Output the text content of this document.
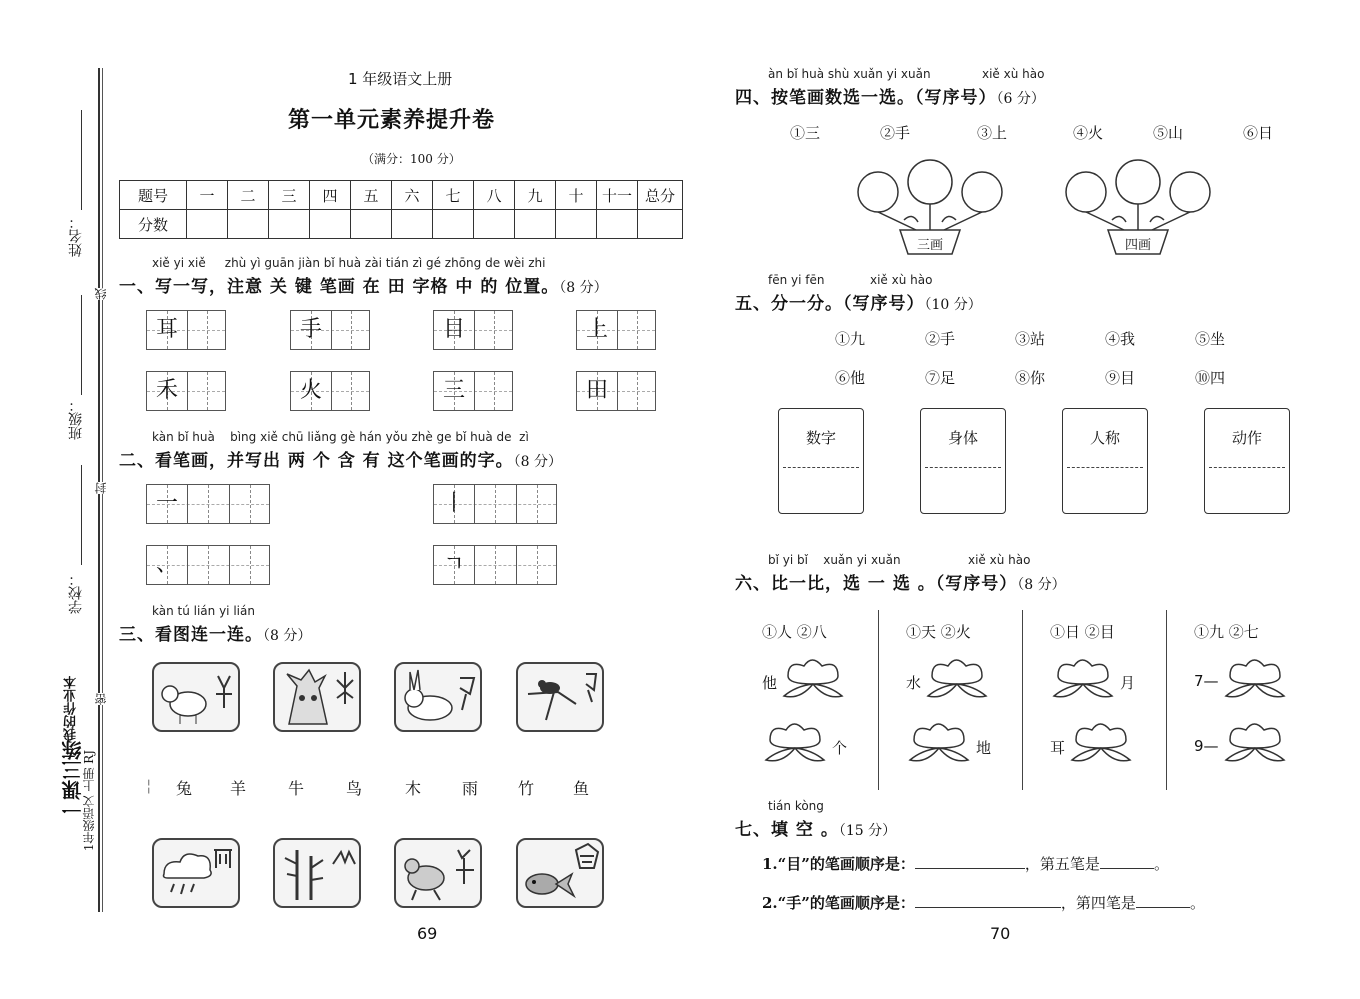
姓名：
班级：
学校：
线
封
密
一课三练
我的作业本
1年级语文 上册 RJ
1 年级语文上册
第一单元素养提升卷
（满分：100 分）
题号	一	二	三	四	五	六	七	八	九	十	十一	总分
分数												
xiě yi xiě     zhù yì guān jiàn bǐ huà zài tián zì gé zhōng de wèi zhi
一、写一写，注意 关 键 笔画 在 田 字格 中 的 位置。（8 分）
耳	手	目	上
禾	火	三	田
kàn bǐ huà    bìng xiě chū liǎng gè hán yǒu zhè ge bǐ huà de  zì
二、看笔画，并写出 两 个 含 有 这个笔画的字。（8 分）
一	丨
、	ㄱ
kàn tú lián yi lián
三、看图连一连。（8 分）
¦ 兔 羊	牛	鸟	木	雨 竹 鱼
69
àn bǐ huà shù xuǎn yi xuǎn	xiě xù hào
四、按笔画数选一选。（写序号）（6 分）
①三	②手	③上	④火	⑤山	⑥日
三画	四画
fēn yi fēn	xiě xù hào
五、分一分。（写序号）（10 分）
①九	②手	③站	④我	⑤坐
⑥他	⑦足	⑧你	⑨目	⑩四
数字	身体	人称	动作
bǐ yi bǐ    xuǎn yi xuǎn	xiě xù hào
六、比一比，选 一 选 。（写序号）（8 分）
①人 ②八
他
个
①天 ②火
水
地
①日 ②目
月
耳
①九 ②七
7—
9—
tián kòng
七、填 空 。（15 分）
1.“目”的笔画顺序是：	，第五笔是	。
2.“手”的笔画顺序是：	，第四笔是	。
70
